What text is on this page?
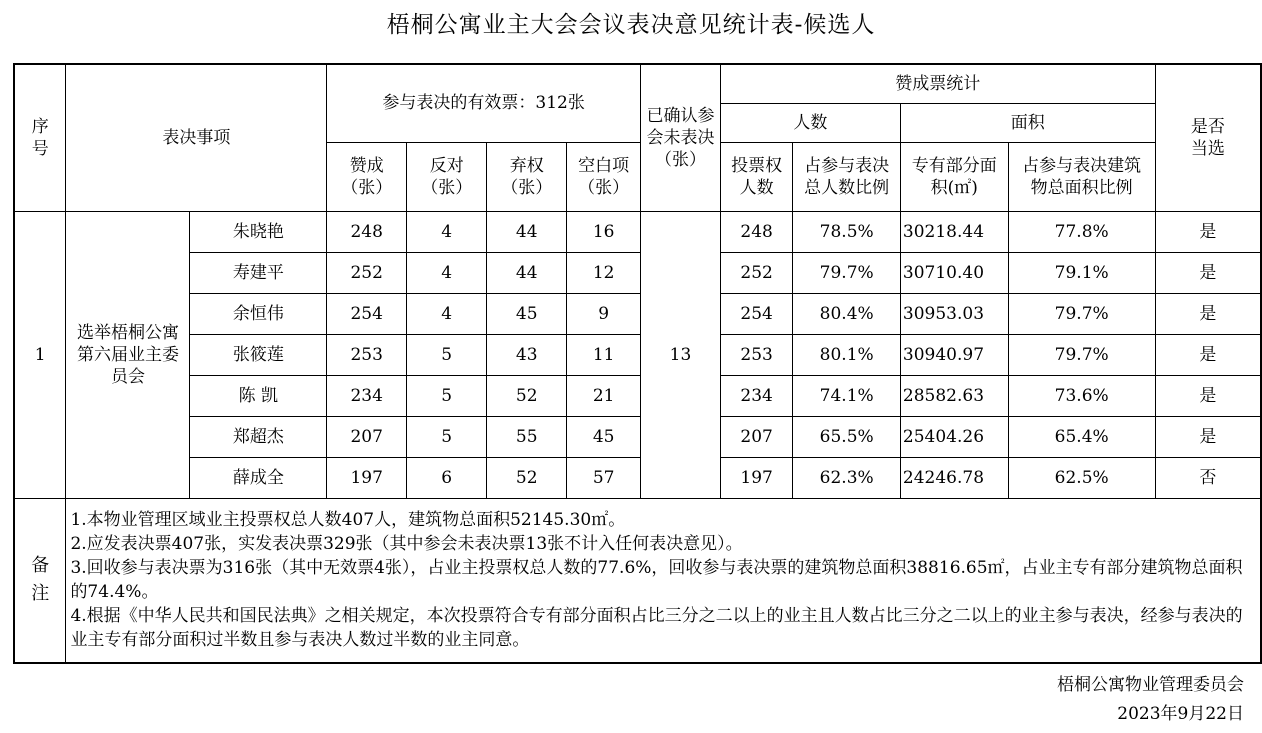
梧桐公寓业主大会会议表决意见统计表-候选人
序号	表决事项		参与表决的有效票：312张				已确认参会未表决（张）	赞成票统计				是否当选
								人数		面积		
			赞成（张）	反对（张）	弃权（张）	空白项（张）		投票权人数	占参与表决总人数比例	专有部分面积(㎡)	占参与表决建筑物总面积比例	
1	选举梧桐公寓第六届业主委员会	朱晓艳	248	4	44	16	13	248	78.5%	30218.44	77.8%	是
		寿建平	252	4	44	12		252	79.7%	30710.40	79.1%	是
		余恒伟	254	4	45	9		254	80.4%	30953.03	79.7%	是
		张筱莲	253	5	43	11		253	80.1%	30940.97	79.7%	是
		陈 凯	234	5	52	21		234	74.1%	28582.63	73.6%	是
		郑超杰	207	5	55	45		207	65.5%	25404.26	65.4%	是
		薛成全	197	6	52	57		197	62.3%	24246.78	62.5%	否
备注	1.本物业管理区域业主投票权总人数407人，建筑物总面积52145.30㎡。
2.应发表决票407张，实发表决票329张（其中参会未表决票13张不计入任何表决意见）。
3.回收参与表决票为316张（其中无效票4张），占业主投票权总人数的77.6%，回收参与表决票的建筑物总面积38816.65㎡，占业主专有部分建筑物总面积的74.4%。
4.根据《中华人民共和国民法典》之相关规定，本次投票符合专有部分面积占比三分之二以上的业主且人数占比三分之二以上的业主参与表决，经参与表决的业主专有部分面积过半数且参与表决人数过半数的业主同意。											
梧桐公寓物业管理委员会
2023年9月22日
